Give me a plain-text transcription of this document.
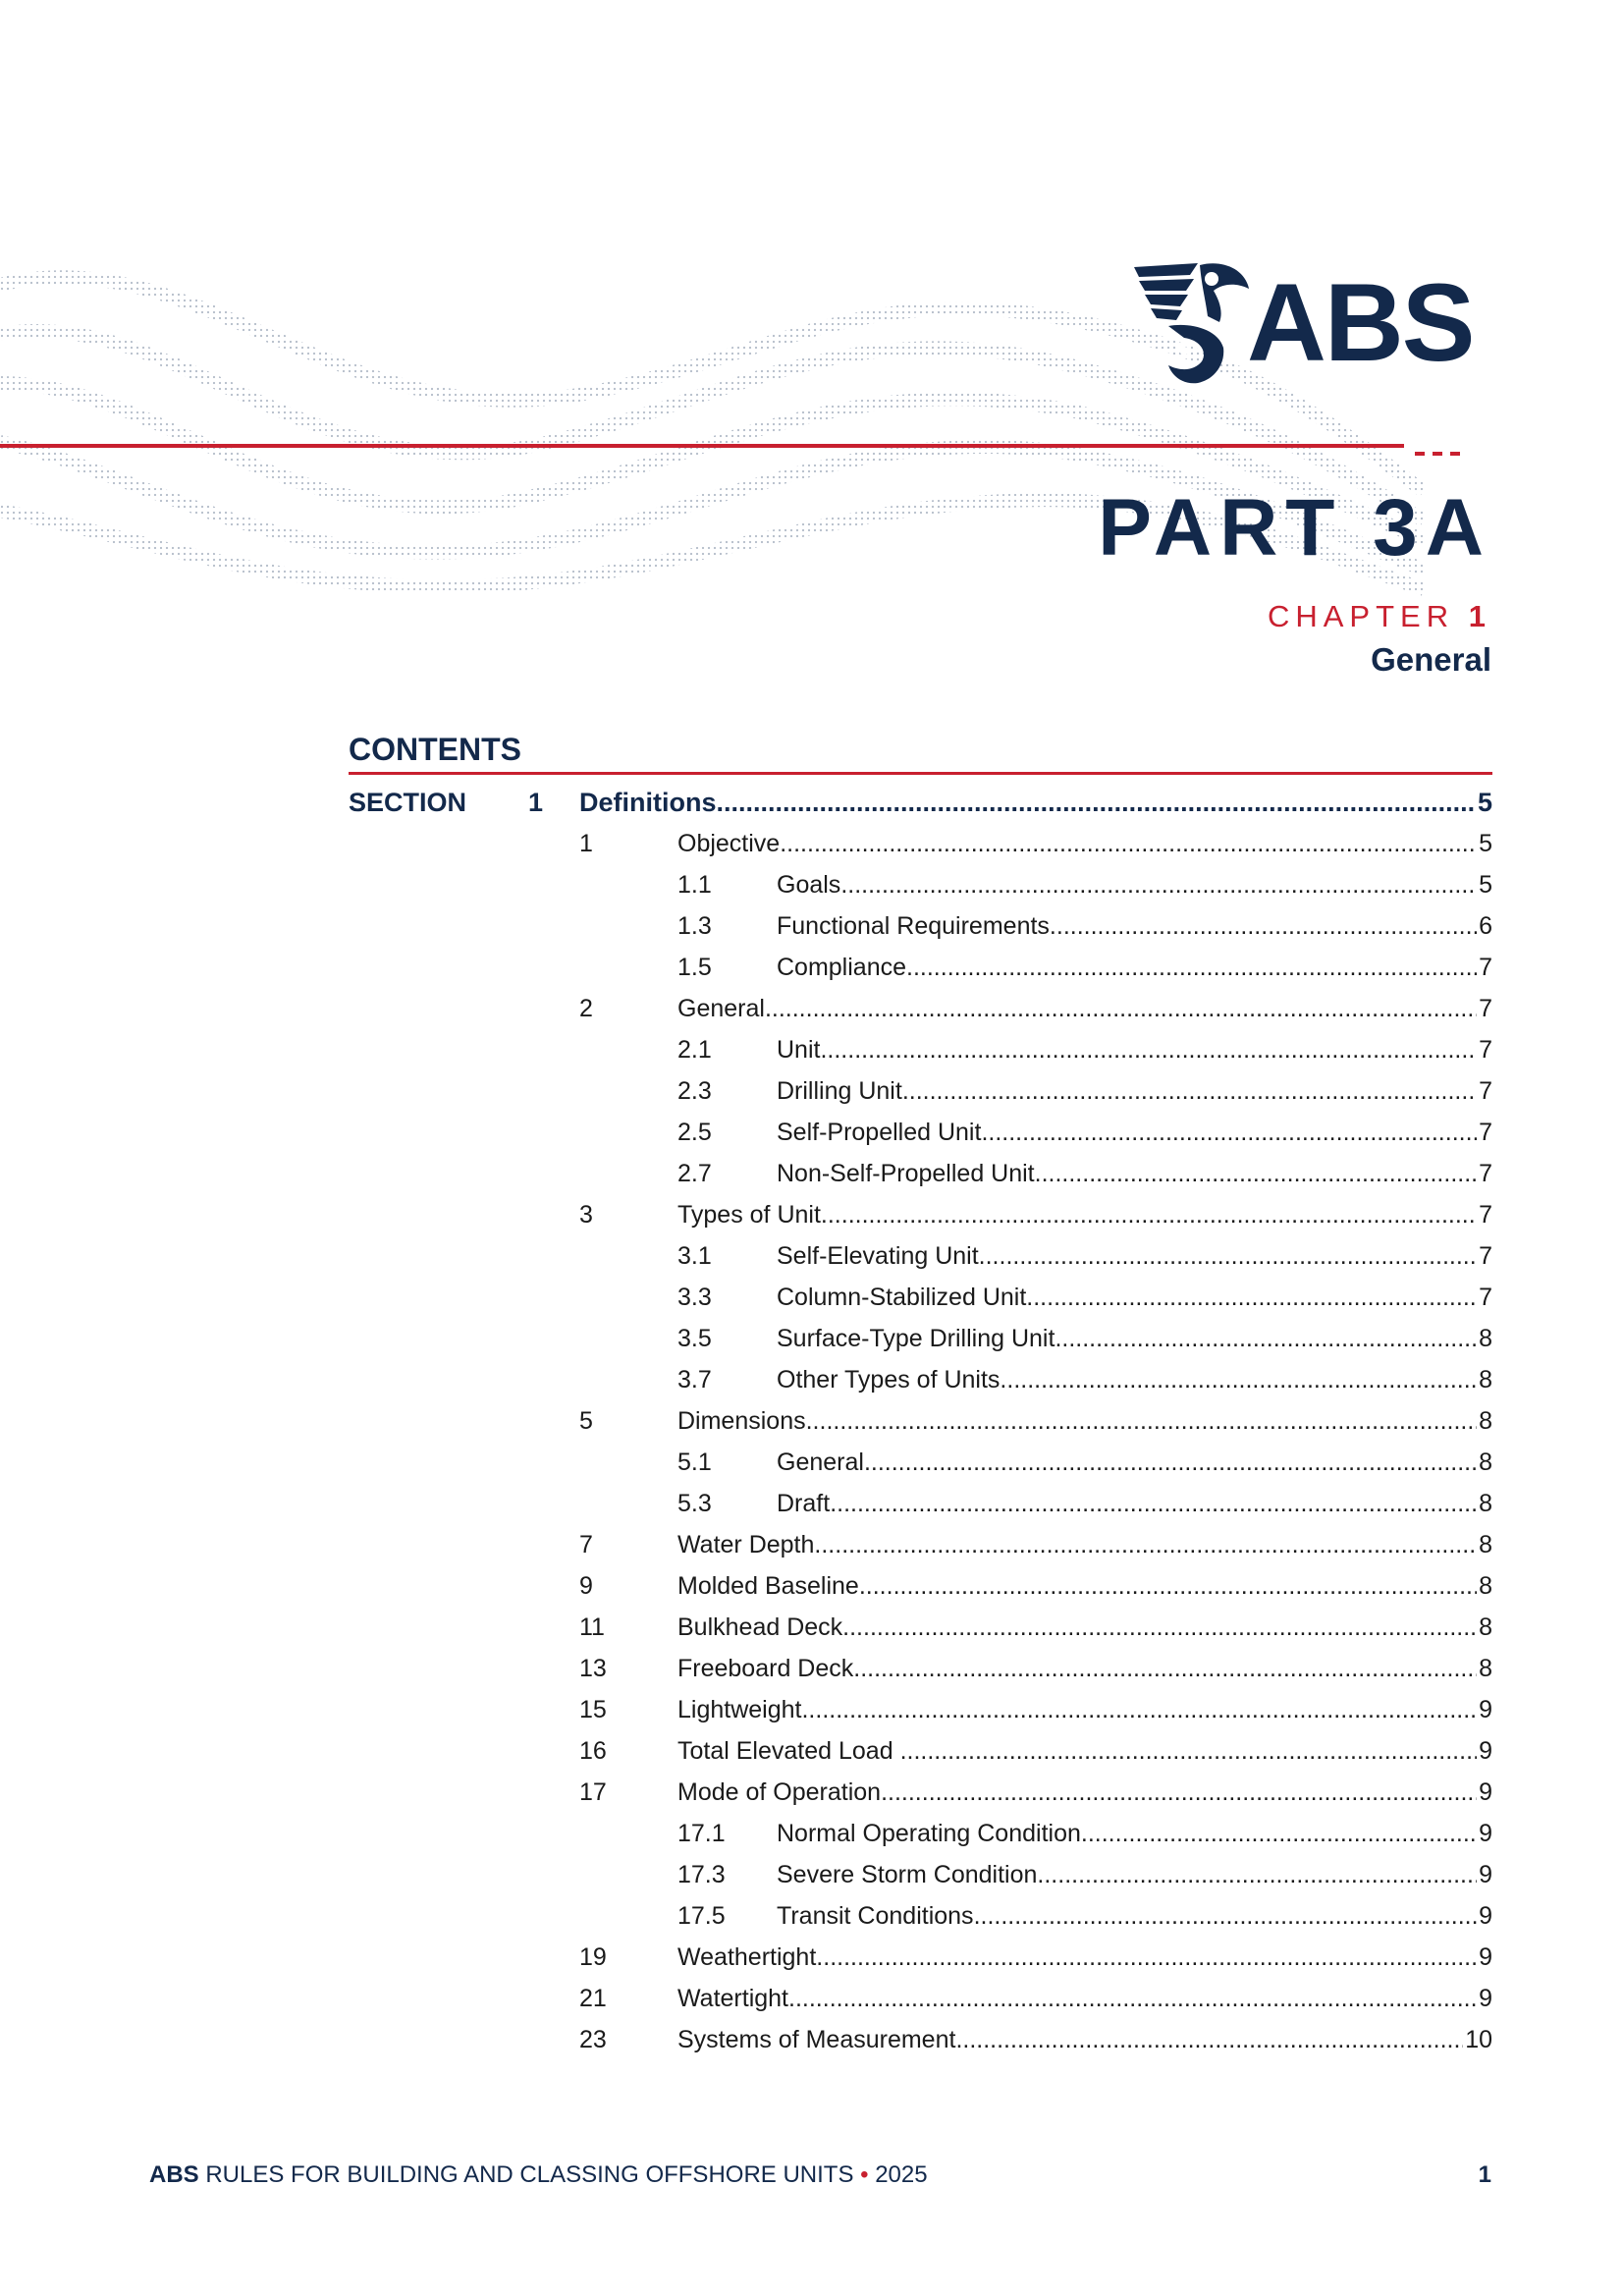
ABS
PART 3A
CHAPTER 1
General
CONTENTS
SECTION 1 Definitions .....	5
1	Objective .....	5
1.1	Goals .....	5
1.3	Functional Requirements .....	6
1.5	Compliance .....	7
2	General .....	7
2.1	Unit .....	7
2.3	Drilling Unit .....	7
2.5	Self-Propelled Unit .....	7
2.7	Non-Self-Propelled Unit .....	7
3	Types of Unit .....	7
3.1	Self-Elevating Unit .....	7
3.3	Column-Stabilized Unit .....	7
3.5	Surface-Type Drilling Unit .....	8
3.7	Other Types of Units .....	8
5	Dimensions .....	8
5.1	General .....	8
5.3	Draft .....	8
7	Water Depth .....	8
9	Molded Baseline .....	8
11	Bulkhead Deck .....	8
13	Freeboard Deck .....	8
15	Lightweight .....	9
16	Total Elevated Load .....	9
17	Mode of Operation .....	9
17.1 Normal Operating Condition .....	9
17.3 Severe Storm Condition .....	9
17.5 Transit Conditions .....	9
19	Weathertight .....	9
21	Watertight .....	9
23	Systems of Measurement .....	10
ABS RULES FOR BUILDING AND CLASSING OFFSHORE UNITS • 2025	1
